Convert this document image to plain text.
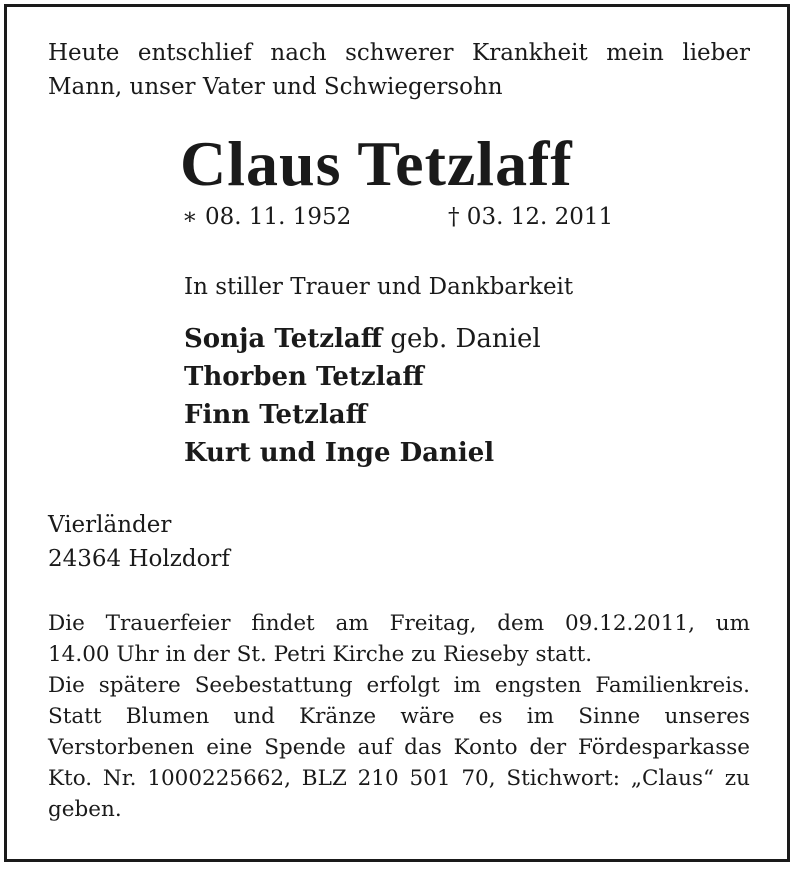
Heute entschlief nach schwerer Krankheit mein lieber

Mann, unser Vater und Schwiegersohn

Claus Tetzlaff
∗ 08. 11. 1952	† 03. 12. 2011
In stiller Trauer und Dankbarkeit
Sonja Tetzlaff geb. Daniel
Thorben Tetzlaff
Finn Tetzlaff
Kurt und Inge Daniel
Vierländer
24364 Holzdorf
Die Trauerfeier findet am Freitag, dem 09.12.2011, um
14.00 Uhr in der St. Petri Kirche zu Rieseby statt.
Die spätere Seebestattung erfolgt im engsten Familienkreis.
Statt Blumen und Kränze wäre es im Sinne unseres
Verstorbenen eine Spende auf das Konto der Fördesparkasse
Kto. Nr. 1000225662, BLZ 210 501 70, Stichwort: „Claus“ zu
geben.
